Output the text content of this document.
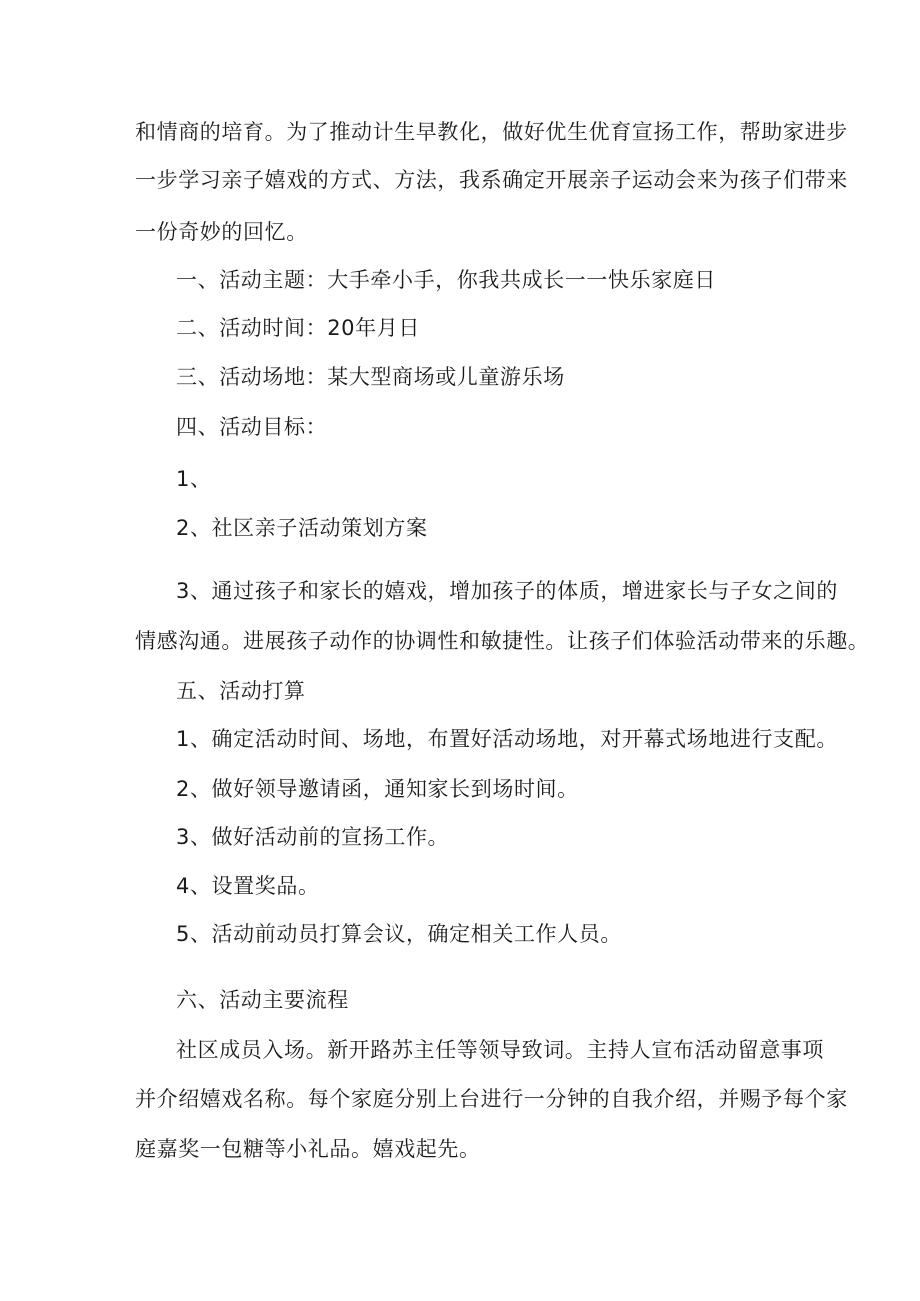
和情商的培育。为了推动计生早教化，做好优生优育宣扬工作，帮助家进步
一步学习亲子嬉戏的方式、方法，我系确定开展亲子运动会来为孩子们带来
一份奇妙的回忆。
一、活动主题：大手牵小手，你我共成长一一快乐家庭日
二、活动时间：20年月日
三、活动场地：某大型商场或儿童游乐场
四、活动目标：
1、
2、社区亲子活动策划方案
3、通过孩子和家长的嬉戏，增加孩子的体质，增进家长与子女之间的
情感沟通。进展孩子动作的协调性和敏捷性。让孩子们体验活动带来的乐趣。
五、活动打算
1、确定活动时间、场地，布置好活动场地，对开幕式场地进行支配。
2、做好领导邀请函，通知家长到场时间。
3、做好活动前的宣扬工作。
4、设置奖品。
5、活动前动员打算会议，确定相关工作人员。
六、活动主要流程
社区成员入场。新开路苏主任等领导致词。主持人宣布活动留意事项
并介绍嬉戏名称。每个家庭分别上台进行一分钟的自我介绍，并赐予每个家
庭嘉奖一包糖等小礼品。嬉戏起先。
